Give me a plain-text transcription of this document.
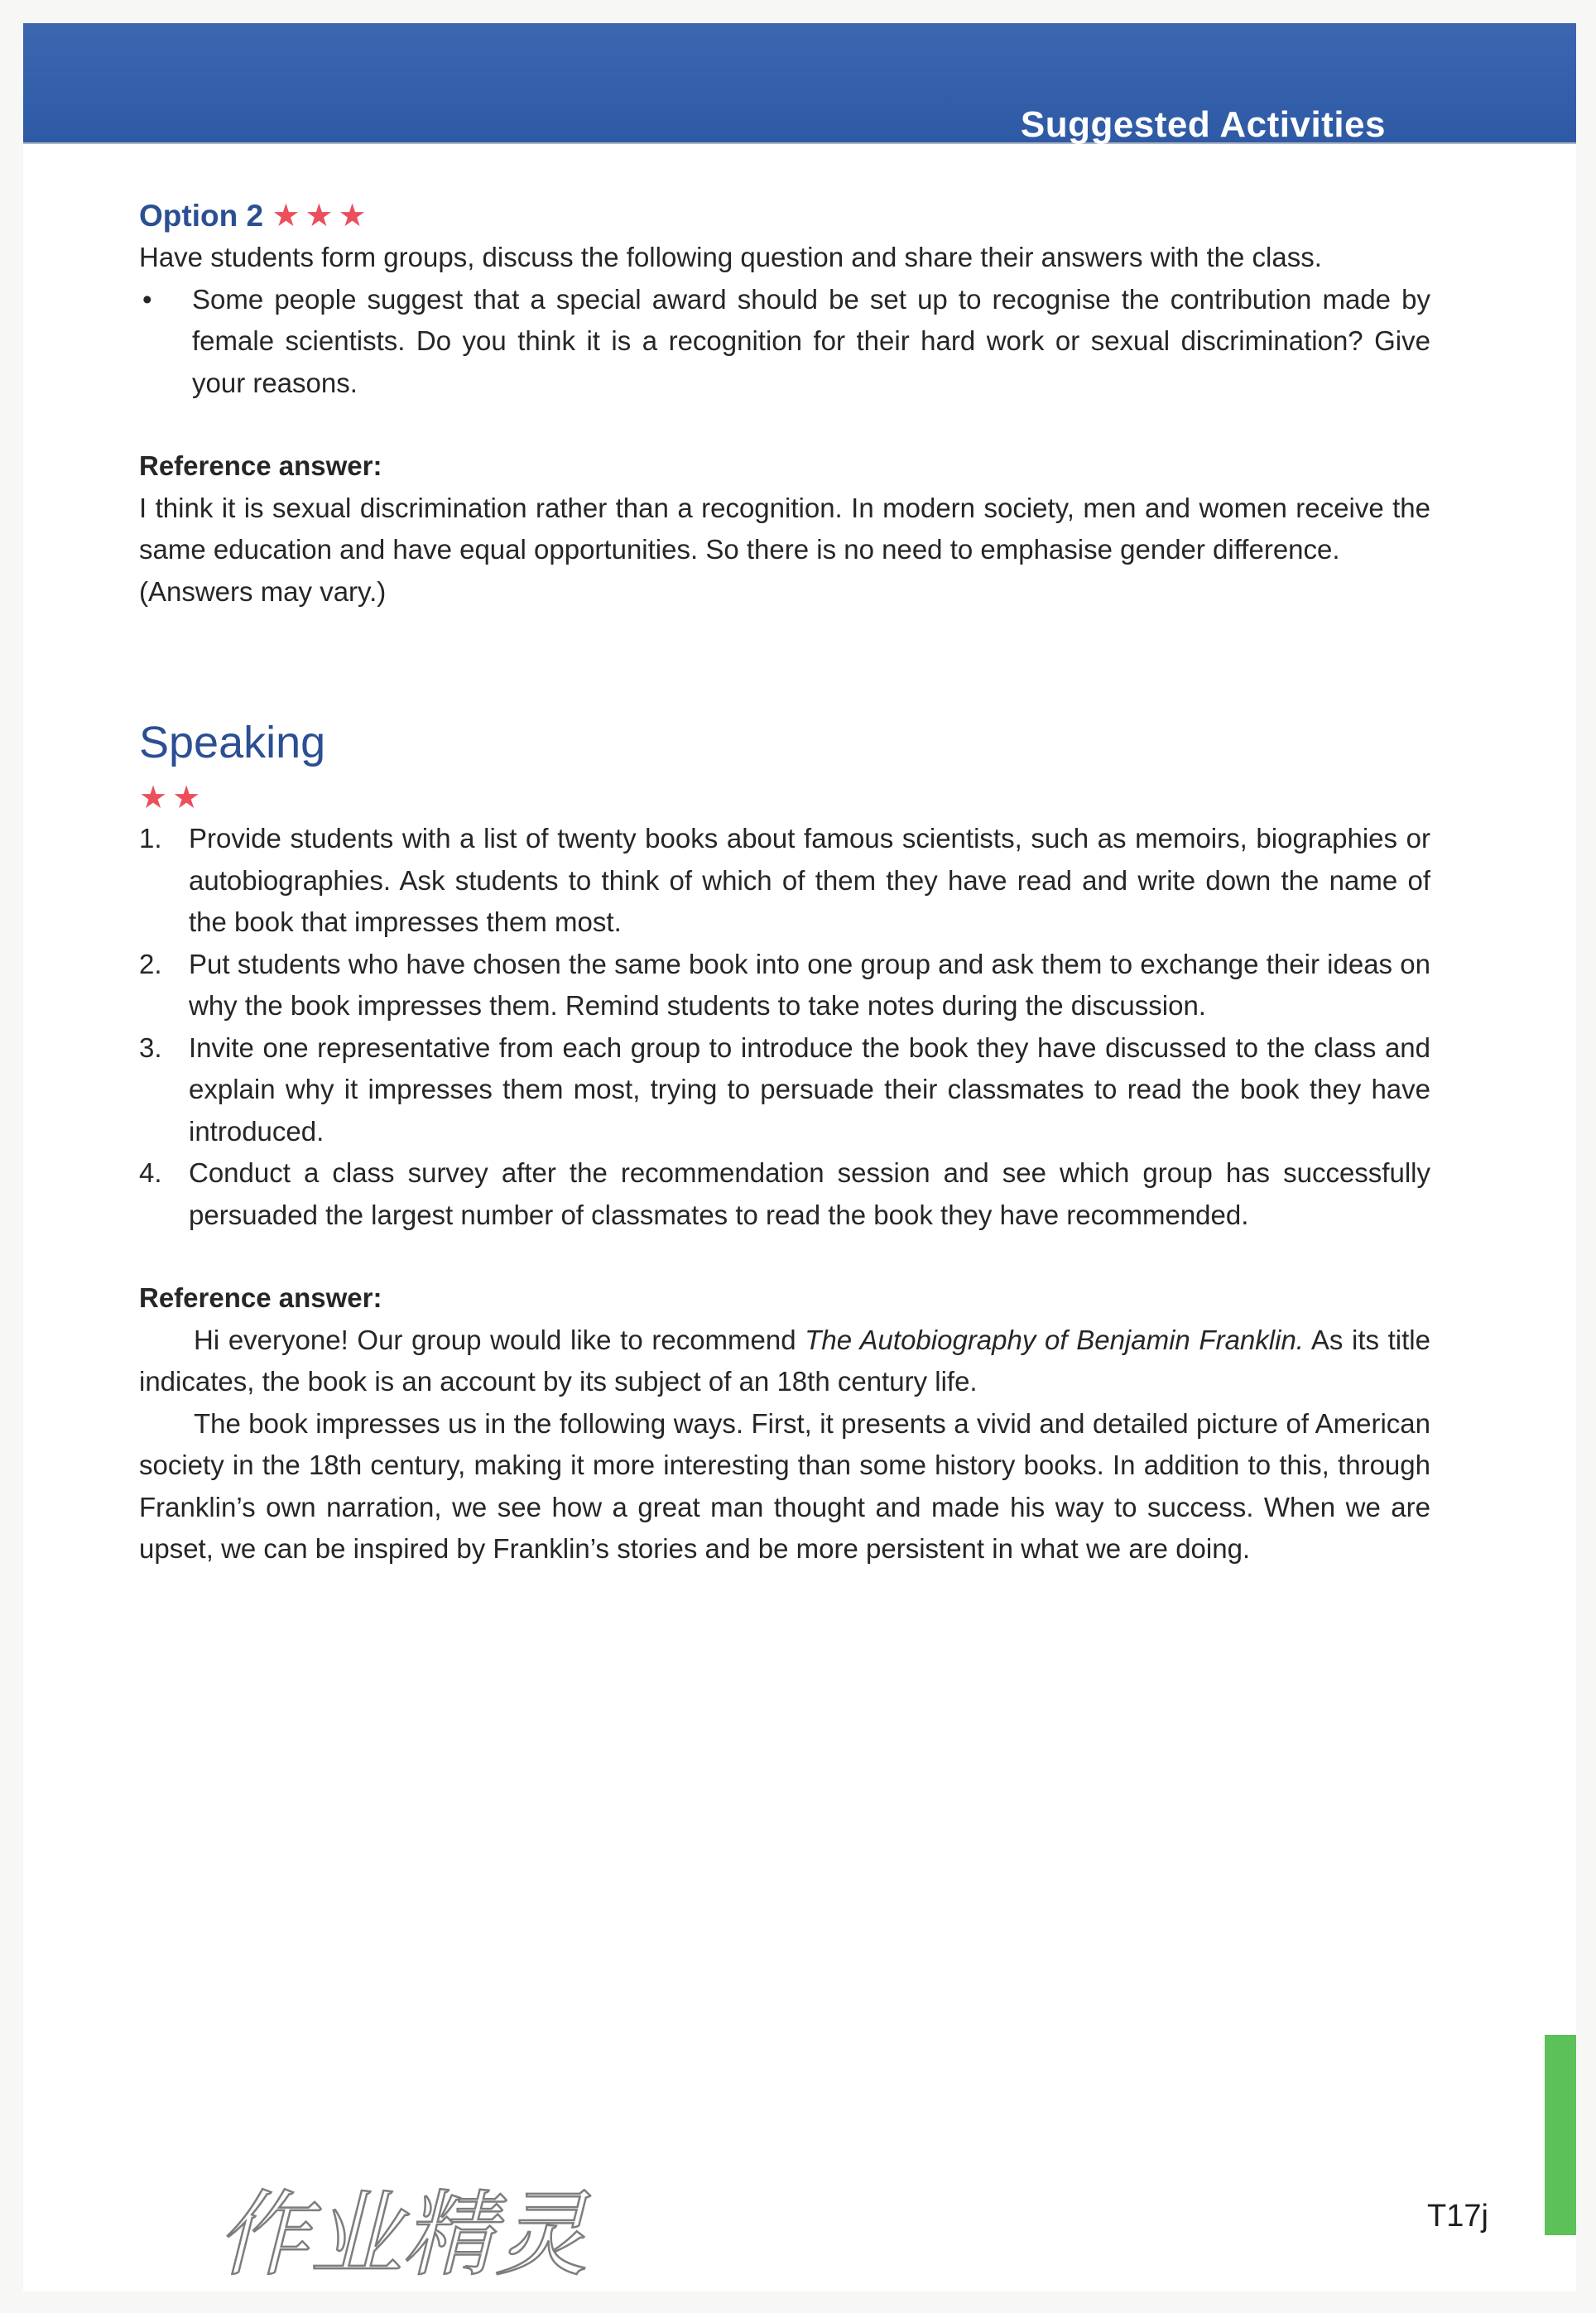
Suggested Activities
Option 2 ★★★

Have students form groups, discuss the following question and share their answers with the class.

•	Some people suggest that a special award should be set up to recognise the contribution made by female scientists. Do you think it is a recognition for their hard work or sexual discrimination? Give your reasons.

Reference answer:

I think it is sexual discrimination rather than a recognition. In modern society, men and women receive the same education and have equal opportunities. So there is no need to emphasise gender difference.

(Answers may vary.)

Speaking
★★
1. Provide students with a list of twenty books about famous scientists, such as memoirs, biographies or autobiographies. Ask students to think of which of them they have read and write down the name of the book that impresses them most.
2. Put students who have chosen the same book into one group and ask them to exchange their ideas on why the book impresses them. Remind students to take notes during the discussion.
3. Invite one representative from each group to introduce the book they have discussed to the class and explain why it impresses them most, trying to persuade their classmates to read the book they have introduced.
4. Conduct a class survey after the recommendation session and see which group has successfully persuaded the largest number of classmates to read the book they have recommended.

Reference answer:

Hi everyone! Our group would like to recommend The Autobiography of Benjamin Franklin. As its title indicates, the book is an account by its subject of an 18th century life.

The book impresses us in the following ways. First, it presents a vivid and detailed picture of American society in the 18th century, making it more interesting than some history books. In addition to this, through Franklin’s own narration, we see how a great man thought and made his way to success. When we are upset, we can be inspired by Franklin’s stories and be more persistent in what we are doing.

T17j
作业精灵
